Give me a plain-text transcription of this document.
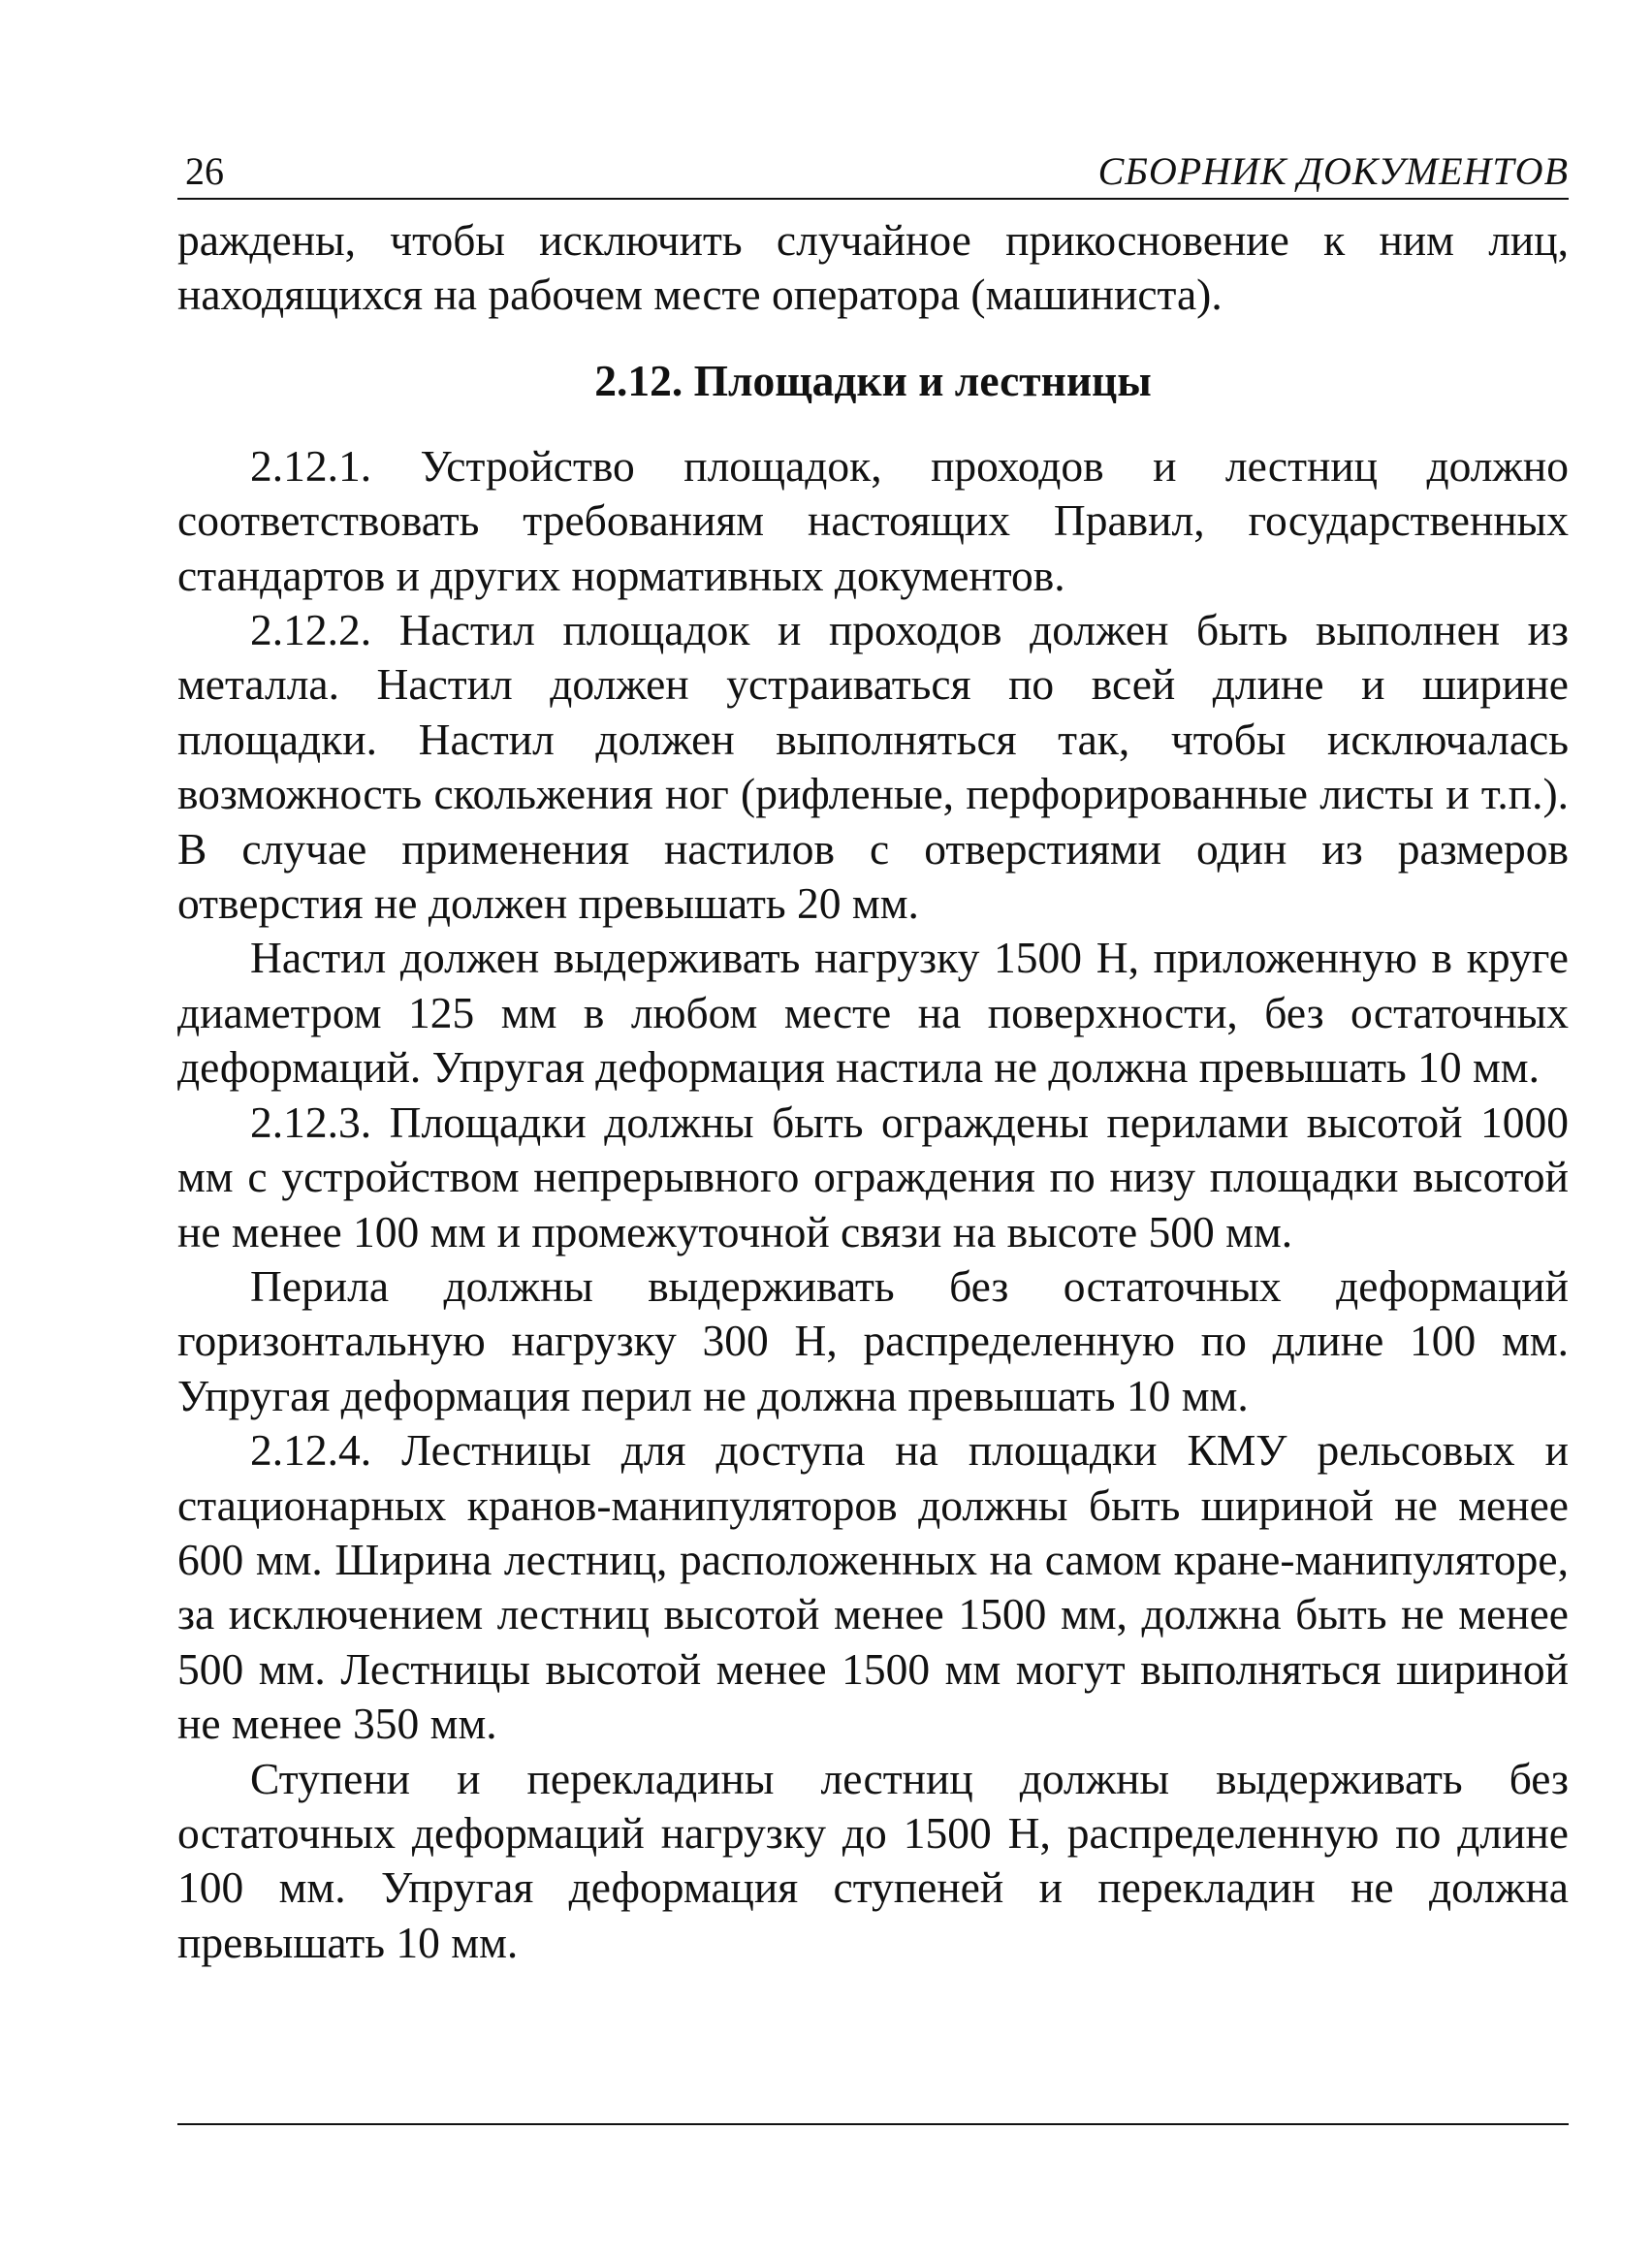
26	СБОРНИК ДОКУМЕНТОВ

раждены, чтобы исключить случайное прикосновение к ним лиц, находящихся на рабочем месте оператора (машиниста).

2.12. Площадки и лестницы

2.12.1. Устройство площадок, проходов и лестниц должно соответствовать требованиям настоящих Правил, государственных стандартов и других нормативных документов.

2.12.2. Настил площадок и проходов должен быть выполнен из металла. Настил должен устраиваться по всей длине и ширине площадки. Настил должен выполняться так, чтобы исключалась возможность скольжения ног (рифленые, перфорированные листы и т.п.). В случае применения настилов с отверстиями один из размеров отверстия не должен превышать 20 мм.

Настил должен выдерживать нагрузку 1500 Н, приложенную в круге диаметром 125 мм в любом месте на поверхности, без остаточных деформаций. Упругая деформация настила не должна превышать 10 мм.

2.12.3. Площадки должны быть ограждены перилами высотой 1000 мм с устройством непрерывного ограждения по низу площадки высотой не менее 100 мм и промежуточной связи на высоте 500 мм.

Перила должны выдерживать без остаточных деформаций горизонтальную нагрузку 300 Н, распределенную по длине 100 мм. Упругая деформация перил не должна превышать 10 мм.

2.12.4. Лестницы для доступа на площадки КМУ рельсовых и стационарных кранов-манипуляторов должны быть шириной не менее 600 мм. Ширина лестниц, расположенных на самом кране-манипуляторе, за исключением лестниц высотой менее 1500 мм, должна быть не менее 500 мм. Лестницы высотой менее 1500 мм могут выполняться шириной не менее 350 мм.

Ступени и перекладины лестниц должны выдерживать без остаточных деформаций нагрузку до 1500 Н, распределенную по длине 100 мм. Упругая деформация ступеней и перекладин не должна превышать 10 мм.
